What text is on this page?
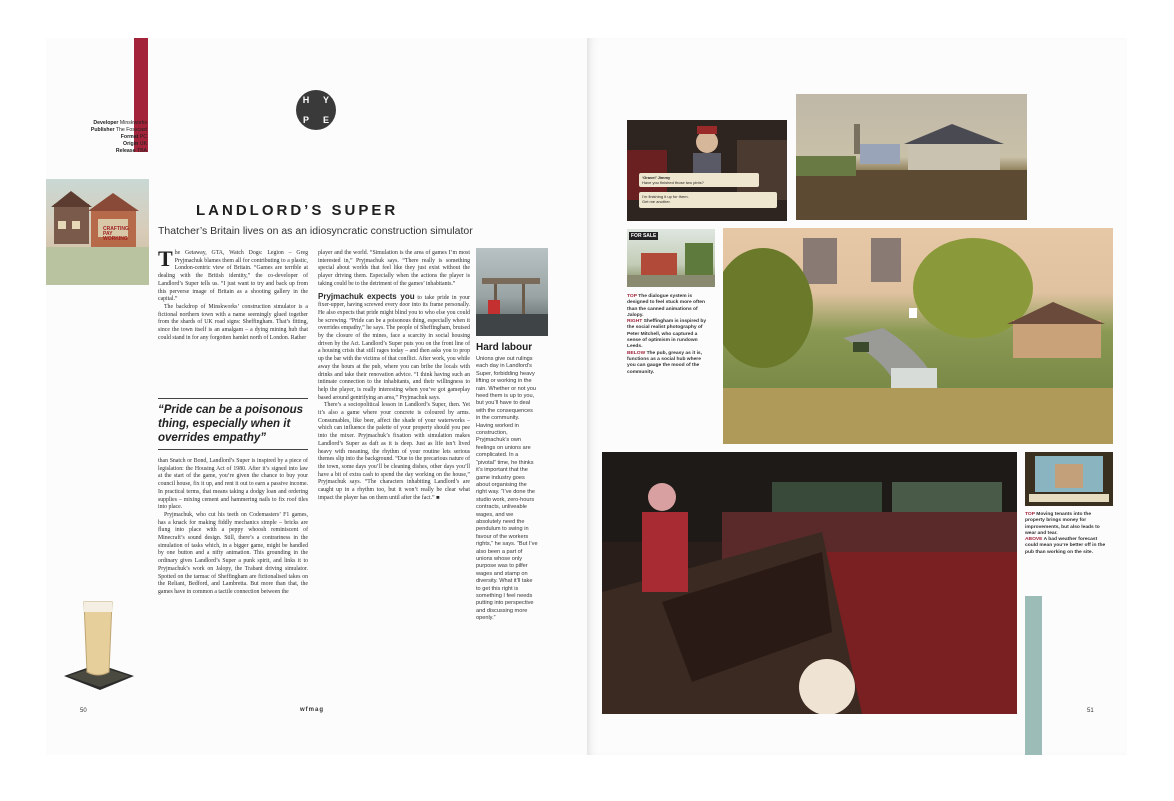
Developer Minskworks
Publisher The Fosscast
Format PC
Origin UK
Release TBA
H Y
P E
CRAFTING PAY WORKING
LANDLORD’S SUPER
Thatcher’s Britain lives on as an idiosyncratic construction simulator

The Getaway, GTA, Watch Dogs: Legion – Greg Pryjmachuk blames them all for contributing to a plastic, London-centric view of Britain. “Games are terrible at dealing with the British identity,” the co-developer of Landlord’s Super tells us. “I just want to try and back up from this perverse image of Britain as a shooting gallery in the capital.”

The backdrop of Minskworks’ construction simulator is a fictional northern town with a name seemingly glued together from the shards of UK road signs: Sheffingham. That’s fitting, since the town itself is an amalgam – a dying mining hub that could stand in for any forgotten hamlet north of London. Rather

“Pride can be a poisonous thing, especially when it overrides empathy”

than Snatch or Bond, Landlord’s Super is inspired by a piece of legislation: the Housing Act of 1980. After it’s signed into law at the start of the game, you’re given the chance to buy your council house, fix it up, and rent it out to earn a passive income. In practical terms, that means taking a dodgy loan and ordering supplies – mixing cement and hammering nails to fix roof tiles into place.

Pryjmachuk, who cut his teeth on Codemasters’ F1 games, has a knack for making fiddly mechanics simple – bricks are flung into place with a peppy whoosh reminiscent of Minecraft’s sound design. Still, there’s a contrariness in the simulation of tasks which, in a bigger game, might be handled by one button and a nifty animation. This grounding in the ordinary gives Landlord’s Super a punk spirit, and links it to Pryjmachuk’s work on Jalopy, the Trabant driving simulator. Spotted on the tarmac of Sheffingham are fictionalised takes on the Reliant, Bedford, and Lambretta. But more than that, the games have in common a tactile connection between the

player and the world. “Simulation is the area of games I’m most interested in,” Pryjmachuk says. “There really is something special about worlds that feel like they just exist without the player driving them. Especially when the actions the player is taking could be to the detriment of the games’ inhabitants.”

Pryjmachuk expects you to take pride in your fixer-upper, having screwed every door into its frame personally. He also expects that pride might blind you to who else you could be screwing. “Pride can be a poisonous thing, especially when it overrides empathy,” he says. The people of Sheffingham, bruised by the closure of the mines, face a scarcity in social housing driven by the Act. Landlord’s Super puts you on the front line of a housing crisis that still rages today – and then asks you to prop up the bar with the victims of that conflict. After work, you while away the hours at the pub, where you can bribe the locals with drinks and take their renovation advice. “I think having such an intimate connection to the inhabitants, and their willingness to help the player, is really interesting when you’ve got gameplay based around gentrifying an area,” Pryjmachuk says.

There’s a sociopolitical lesson in Landlord’s Super, then. Yet it’s also a game where your concrete is coloured by arms. Consumables, like beer, affect the shade of your waterworks – which can influence the palette of your property should you pee into the mixer. Pryjmachuk’s fixation with simulation makes Landlord’s Super as daft as it is deep. Just as life isn’t lived heavy with meaning, the rhythm of your routine lets serious themes slip into the background. “Due to the precarious nature of the town, some days you’ll be cleaning dishes, other days you’ll have a bit of extra cash to spend the day working on the house,” Pryjmachuk says. “The characters inhabiting Landlord’s are caught up in a rhythm too, but it won’t really be clear what impact the player has on them until after the fact.” ■

Hard labour
Unions give out rulings each day in Landlord’s Super, forbidding heavy lifting or working in the rain. Whether or not you heed them is up to you, but you’ll have to deal with the consequences in the community. Having worked in construction, Pryjmachuk’s own feelings on unions are complicated. In a “pivotal” time, he thinks it’s important that the game industry goes about organising the right way. “I’ve done the studio work, zero-hours contracts, unliveable wages, and we absolutely need the pendulum to swing in favour of the workers rights,” he says. “But I’ve also been a part of unions whose only purpose was to pilfer wages and stamp on diversity. What it’ll take to get this right is something I feel needs putting into perspective and discussing more openly.”
50	wfmag
‘Gravel’ Jimmy
Have you finished those two pints?
I’m finishing it up for them.
Get me another.
FOR SALE
TOP The dialogue system is designed to feel stuck more often than the canned animations of Jalopy.
RIGHT Sheffingham is inspired by the social realist photography of Peter Mitchell, who captured a sense of optimism in rundown Leeds.
BELOW The pub, greasy as it is, functions as a social hub where you can gauge the mood of the community.
TOP Moving tenants into the property brings money for improvements, but also leads to wear and tear.
ABOVE A bad weather forecast could mean you’re better off in the pub than working on the site.
51
